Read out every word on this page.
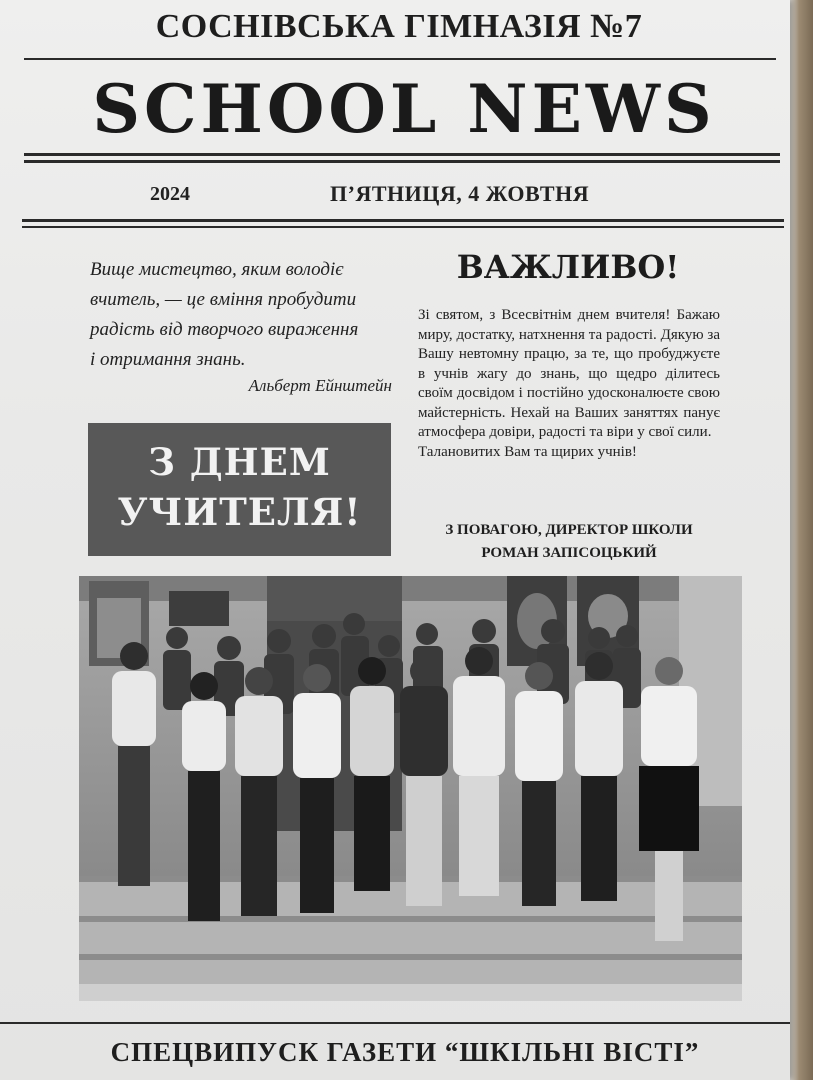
СОСНІВСЬКА ГІМНАЗІЯ №7
SCHOOL NEWS
2024	П’ЯТНИЦЯ, 4 ЖОВТНЯ
Вище мистецтво, яким володіє
вчитель, — це вміння пробудити
радість від творчого вираження
і отримання знань.
Альберт Ейнштейн
З ДНЕМ
УЧИТЕЛЯ!
ВАЖЛИВО!

Зі святом, з Всесвітнім днем вчителя! Бажаю миру, достатку, натхнення та радості. Дякую за Вашу невтомну працю, за те, що пробуджуєте в учнів жагу до знань, що щедро ділитесь своїм досвідом і постійно удосконалюєте свою майстерність. Нехай на Ваших заняттях панує атмосфера довіри, радості та віри у свої сили.

Талановитих Вам та щирих учнів!

З ПОВАГОЮ, ДИРЕКТОР ШКОЛИ
РОМАН ЗАПІСОЦЬКИЙ
СПЕЦВИПУСК ГАЗЕТИ “ШКІЛЬНІ ВІСТІ”
